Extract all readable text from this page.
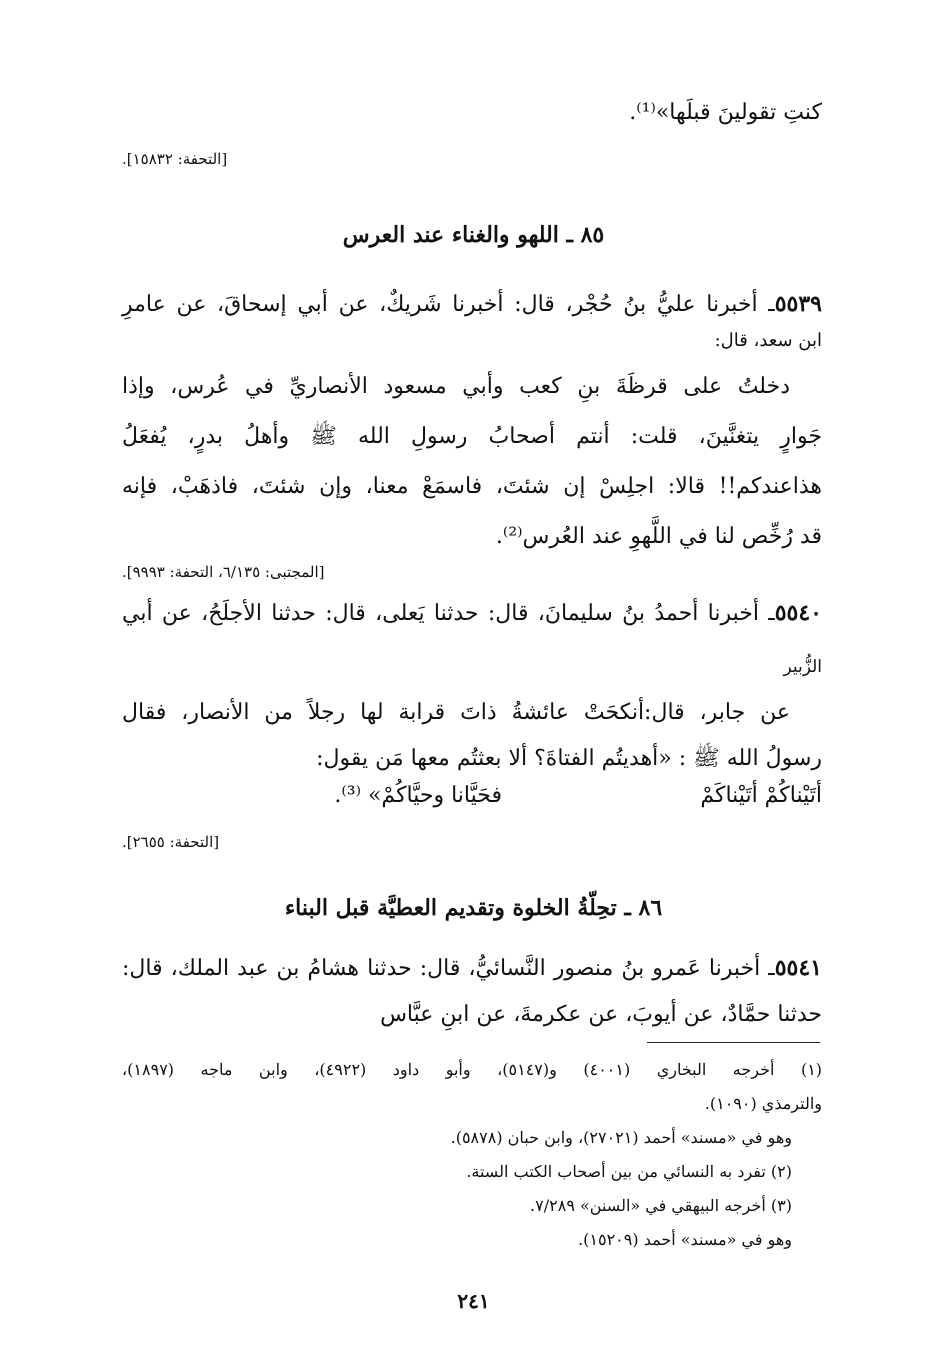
كنتِ تقولينَ قبلَها»⁽¹⁾.

[التحفة: ١٥٨٣٢].

٨٥ ـ اللهو والغناء عند العرس

٥٥٣٩ـ أخبرنا عليُّ بنُ حُجْر، قال: أخبرنا شَريكٌ، عن أبي إسحاقَ، عن عامرِ

ابن سعد، قال:

دخلتُ على قرظَةَ بنِ كعب وأبي مسعود الأنصاريِّ في عُرس، وإذا
جَوارٍ يتغنَّينَ، قلت: أنتم أصحابُ رسولِ الله ﷺ وأهلُ بدرٍ، يُفعَلُ
هذاعندكم!! قالا: اجلِسْ إن شئتَ، فاسمَعْ معنا، وإن شئتَ، فاذهَبْ، فإنه
قد رُخِّص لنا في اللَّهوِ عند العُرس⁽²⁾.

[المجتبى: ٦/١٣٥، التحفة: ٩٩٩٣].

٥٥٤٠ـ أخبرنا أحمدُ بنُ سليمانَ، قال: حدثنا يَعلى، قال: حدثنا الأجلَحُ، عن أبي

الزُّبير

عن جابر، قال:أنكحَتْ عائشةُ ذاتَ قرابة لها رجلاً من الأنصار، فقال
رسولُ الله ﷺ : «أهديتُم الفتاةَ؟ ألا بعثتُم معها مَن يقول:
أتَيْناكُمْ أتَيْناكَمْ
فحَيَّانا وحيَّاكُمْ» ⁽³⁾.

[التحفة: ٢٦٥٥].

٨٦ ـ تحِلّةُ الخلوة وتقديم العطيَّة قبل البناء

٥٥٤١ـ أخبرنا عَمرو بنُ منصور النَّسائيُّ، قال: حدثنا هشامُ بن عبد الملك، قال:
حدثنا حمَّادٌ، عن أيوبَ، عن عكرمةَ، عن ابنِ عبَّاس
(١) أخرجه البخاري (٤٠٠١) و(٥١٤٧)، وأبو داود (٤٩٢٢)، وابن ماجه (١٨٩٧)،
والترمذي (١٠٩٠).
وهو في «مسند» أحمد (٢٧٠٢١)، وابن حبان (٥٨٧٨).
(٢) تفرد به النسائي من بين أصحاب الكتب الستة.
(٣) أخرجه البيهقي في «السنن» ٧/٢٨٩.
وهو في «مسند» أحمد (١٥٢٠٩).
٢٤١
